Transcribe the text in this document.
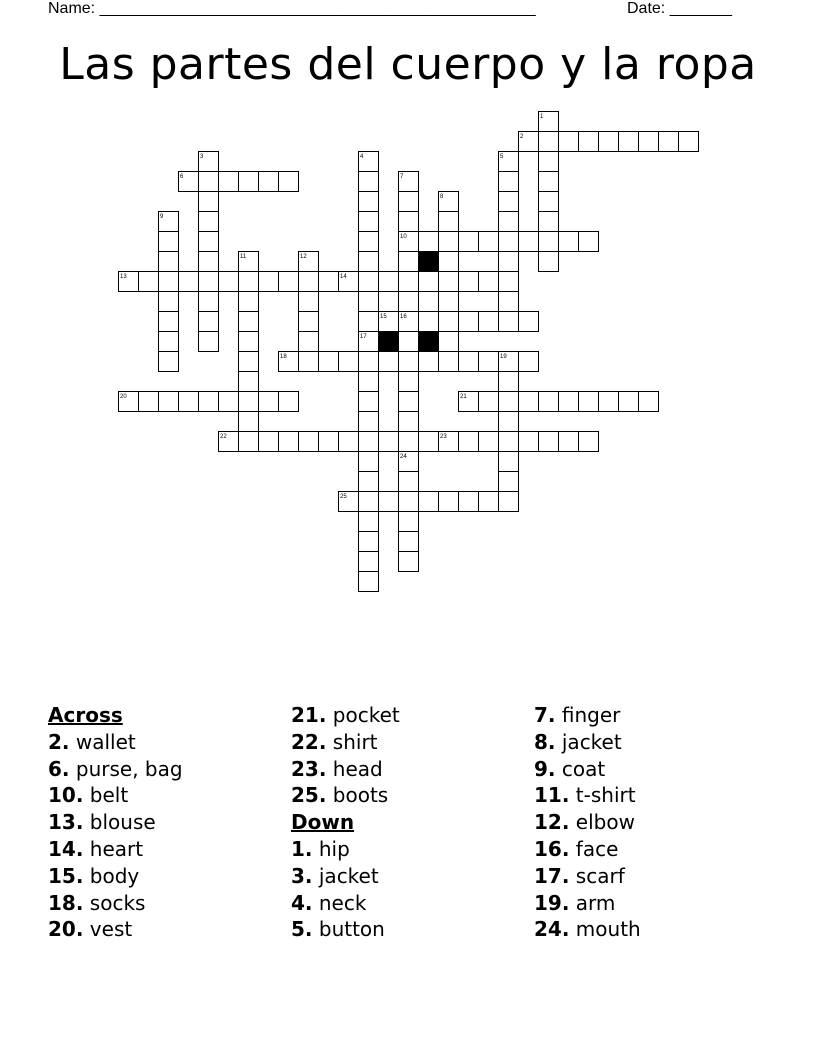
Name: _________________________________________________	Date: _______
Las partes del cuerpo y la ropa
1
2
3	4	5
6	7
8
9
10
11	12
13	14
15 16
17
18	19
20	21
22	23
24
25
Across
2. wallet
6. purse, bag
10. belt
13. blouse
14. heart
15. body
18. socks
20. vest
21. pocket
22. shirt
23. head
25. boots
Down
1. hip
3. jacket
4. neck
5. button
7. finger
8. jacket
9. coat
11. t-shirt
12. elbow
16. face
17. scarf
19. arm
24. mouth
